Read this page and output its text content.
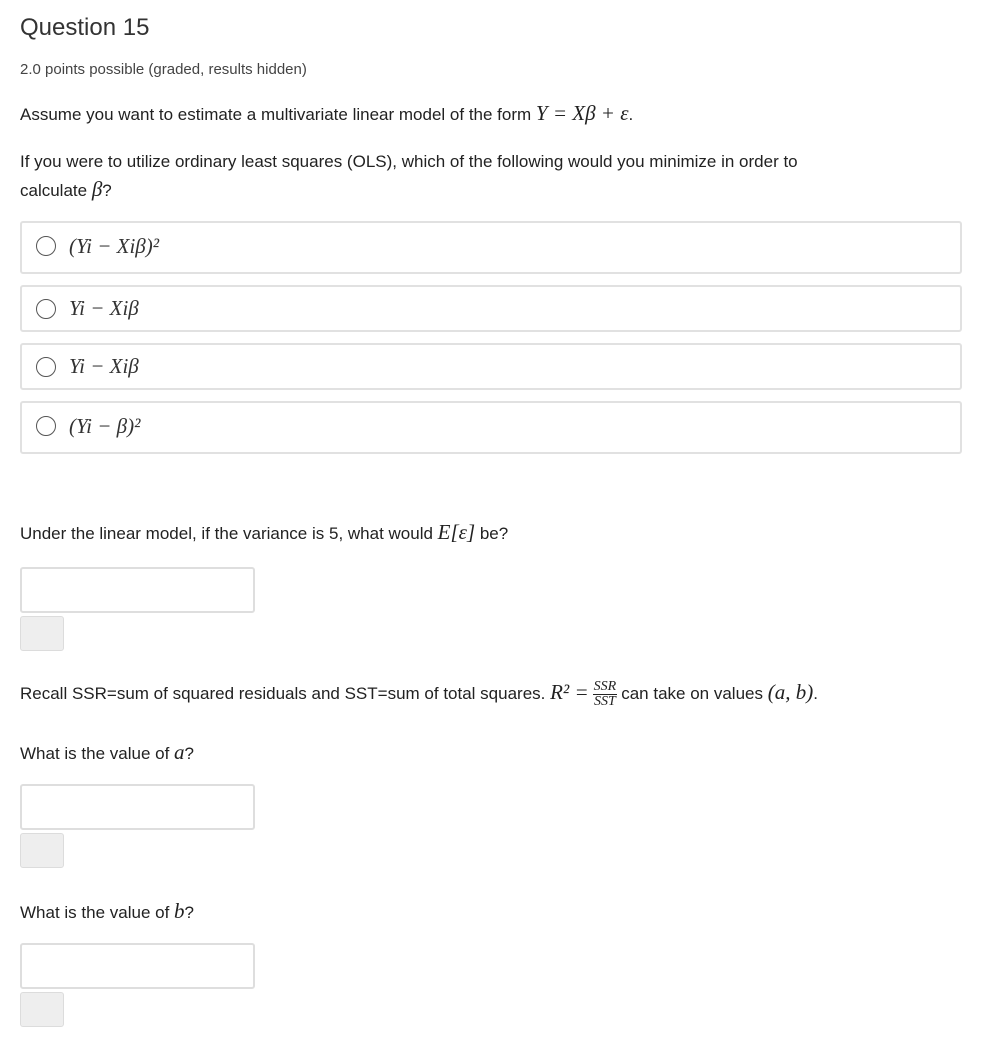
Question 15
2.0 points possible (graded, results hidden)
Assume you want to estimate a multivariate linear model of the form Y = Xβ + ε.
If you were to utilize ordinary least squares (OLS), which of the following would you minimize in order to
calculate β?
(Yi − Xiβ)²
Yi − Xiβ
Yi − Xiβ
(Yi − β)²
Under the linear model, if the variance is 5, what would E[ε] be?
Recall SSR=sum of squared residuals and SST=sum of total squares. $R^2 = \frac{\text{SSR}}{\text{SST}}$ can take on values (a, b).
What is the value of a?
What is the value of b?
